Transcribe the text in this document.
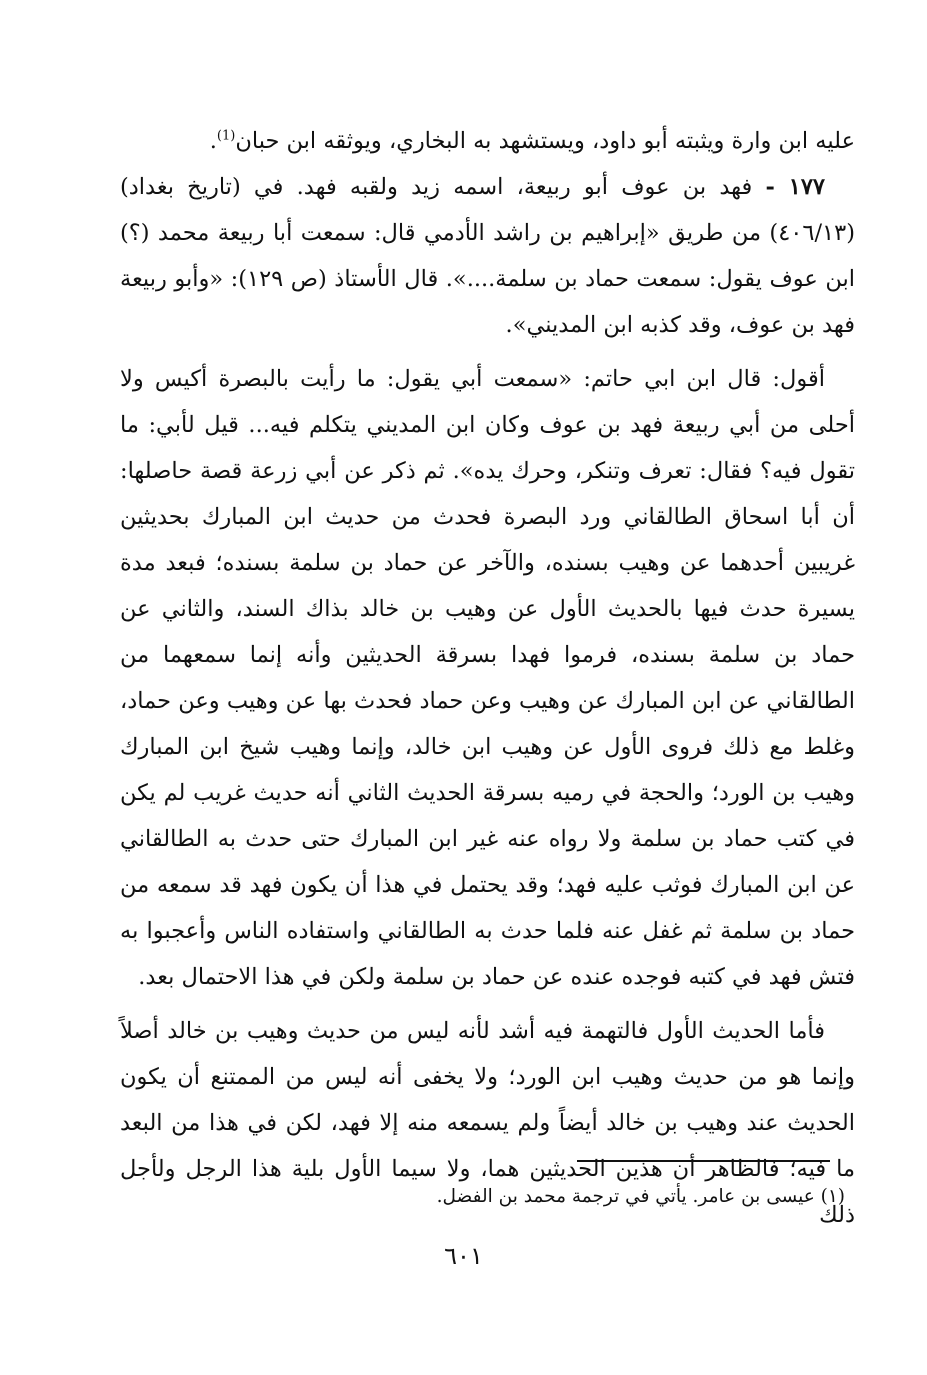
عليه ابن وارة ويثبته أبو داود، ويستشهد به البخاري، ويوثقه ابن حبان$^{(1)}$.

١٧٧ - فهد بن عوف أبو ربيعة، اسمه زيد ولقبه فهد. في (تاريخ بغداد) (٤٠٦/١٣) من طريق «إبراهيم بن راشد الأدمي قال: سمعت أبا ربيعة محمد (؟) ابن عوف يقول: سمعت حماد بن سلمة....». قال الأستاذ (ص ١٢٩): «وأبو ربيعة فهد بن عوف، وقد كذبه ابن المديني».

أقول: قال ابن ابي حاتم: «سمعت أبي يقول: ما رأيت بالبصرة أكيس ولا أحلى من أبي ربيعة فهد بن عوف وكان ابن المديني يتكلم فيه... قيل لأبي: ما تقول فيه؟ فقال: تعرف وتنكر، وحرك يده». ثم ذكر عن أبي زرعة قصة حاصلها: أن أبا اسحاق الطالقاني ورد البصرة فحدث من حديث ابن المبارك بحديثين غريبين أحدهما عن وهيب بسنده، والآخر عن حماد بن سلمة بسنده؛ فبعد مدة يسيرة حدث فيها بالحديث الأول عن وهيب بن خالد بذاك السند، والثاني عن حماد بن سلمة بسنده، فرموا فهدا بسرقة الحديثين وأنه إنما سمعهما من الطالقاني عن ابن المبارك عن وهيب وعن حماد فحدث بها عن وهيب وعن حماد، وغلط مع ذلك فروى الأول عن وهيب ابن خالد، وإنما وهيب شيخ ابن المبارك وهيب بن الورد؛ والحجة في رميه بسرقة الحديث الثاني أنه حديث غريب لم يكن في كتب حماد بن سلمة ولا رواه عنه غير ابن المبارك حتى حدث به الطالقاني عن ابن المبارك فوثب عليه فهد؛ وقد يحتمل في هذا أن يكون فهد قد سمعه من حماد بن سلمة ثم غفل عنه فلما حدث به الطالقاني واستفاده الناس وأعجبوا به فتش فهد في كتبه فوجده عنده عن حماد بن سلمة ولكن في هذا الاحتمال بعد.

فأما الحديث الأول فالتهمة فيه أشد لأنه ليس من حديث وهيب بن خالد أصلاً وإنما هو من حديث وهيب ابن الورد؛ ولا يخفى أنه ليس من الممتنع أن يكون الحديث عند وهيب بن خالد أيضاً ولم يسمعه منه إلا فهد، لكن في هذا من البعد ما فيه؛ فالظاهر أن هذين الحديثين هما، ولا سيما الأول بلية هذا الرجل ولأجل ذلك

(١) عيسى بن عامر. يأتي في ترجمة محمد بن الفضل.
٦٠١
